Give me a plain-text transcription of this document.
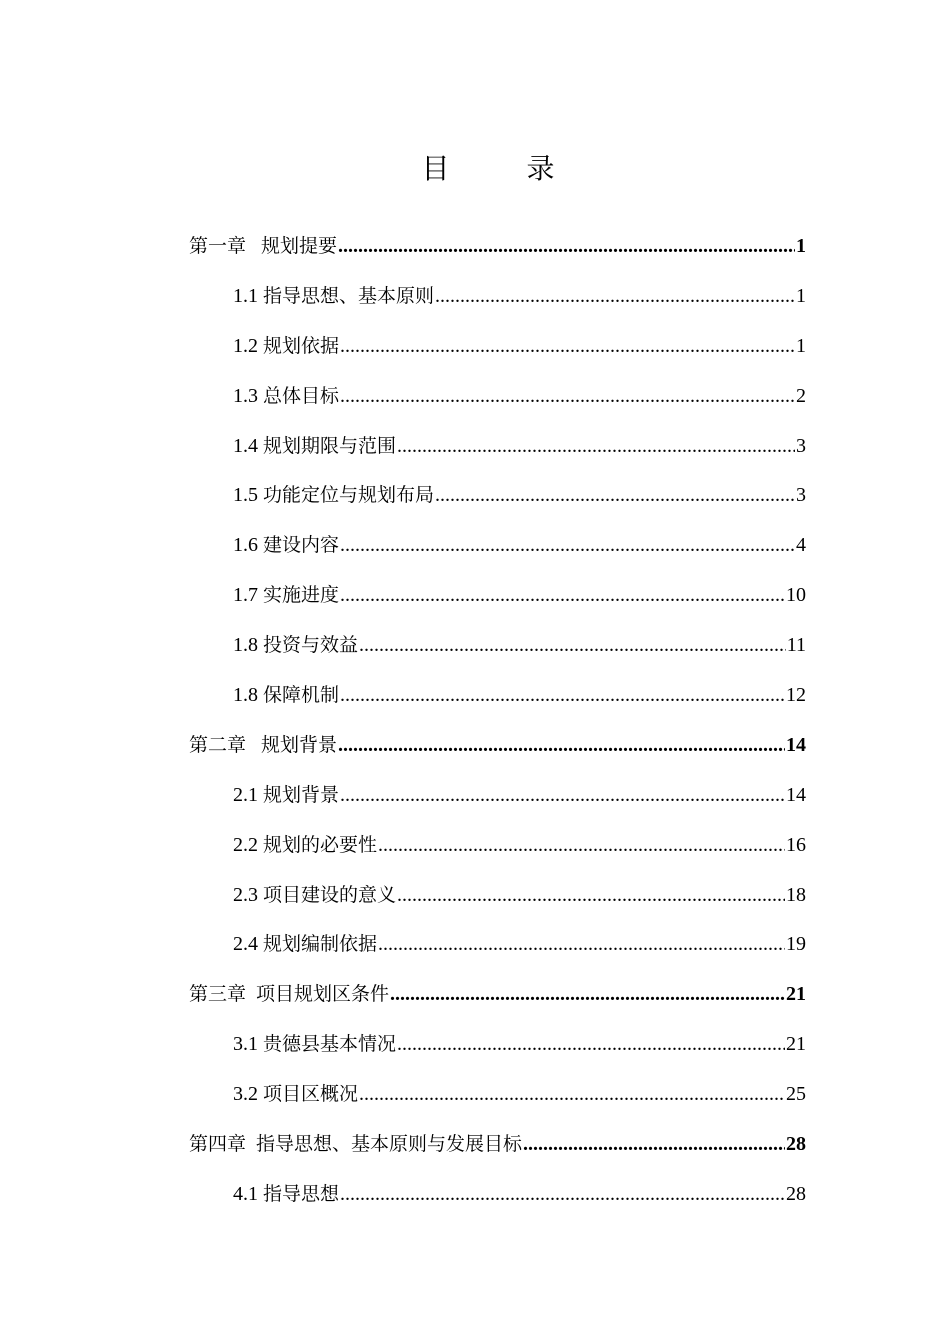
目 录
第一章 规划提要 .....	1
1.1 指导思想、基本原则 .....	1
1.2 规划依据 .....	1
1.3 总体目标 .....	2
1.4 规划期限与范围 .....	3
1.5 功能定位与规划布局 .....	3
1.6 建设内容 .....	4
1.7 实施进度 .....	10
1.8 投资与效益 .....	11
1.8 保障机制 .....	12
第二章 规划背景 .....	14
2.1 规划背景 .....	14
2.2 规划的必要性 .....	16
2.3 项目建设的意义 .....	18
2.4 规划编制依据 .....	19
第三章 项目规划区条件 .....	21
3.1 贵德县基本情况 .....	21
3.2 项目区概况 .....	25
第四章 指导思想、基本原则与发展目标 .....	28
4.1 指导思想 .....	28
